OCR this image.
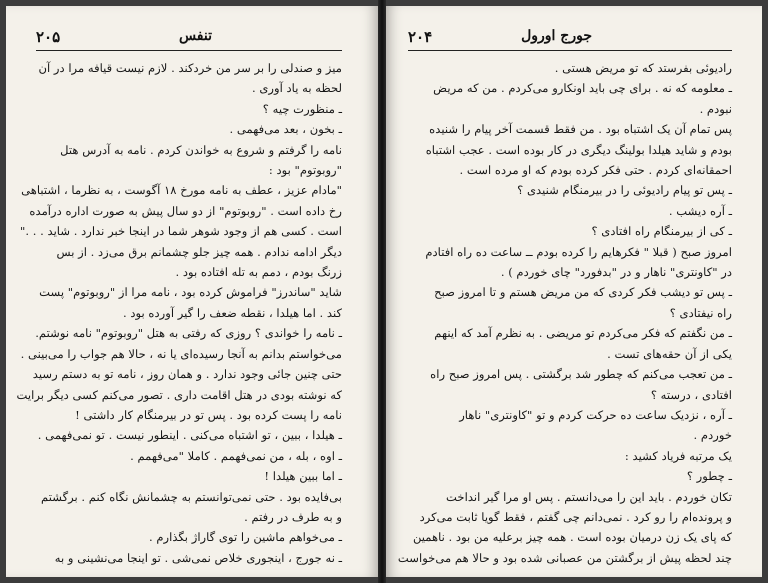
۲۰۵	تنفس
میز و صندلی را بر سر من خردکند . لازم نیست قیافه مرا در آن
لحظه به یاد آوری .
ـ منظورت چیه ؟
ـ بخون ، بعد می‌فهمی .
نامه را گرفتم و شروع به خواندن کردم . نامه به آدرس هتل
"روبوتوم" بود :
"مادام عزیز ، عطف به نامه مورخ ۱۸ آگوست ، به نظرما ، اشتباهی
رخ داده است . "روبوتوم" از دو سال پیش به صورت اداره درآمده
است . کسی هم از وجود شوهر شما در اینجا خبر ندارد . شاید . . ."
دیگر ادامه ندادم . همه چیز جلو چشمانم برق می‌زد . از بس
زرنگ بودم ، دمم به تله افتاده بود .
شاید "ساندرز" فراموش کرده بود ، نامه مرا از "روبوتوم" پست
کند . اما هیلدا ، نقطه ضعف را گیر آورده بود .
ـ نامه را خواندی ؟ روزی که رفتی به هتل "روبوتوم" نامه نوشتم.
می‌خواستم بدانم به آنجا رسیده‌ای یا نه ، حالا هم جواب را می‌بینی .
حتی چنین جائی وجود ندارد . و همان روز ، نامه تو به دستم رسید
که نوشته بودی در هتل اقامت داری . تصور می‌کنم کسی دیگر برایت
نامه را پست کرده بود . پس تو در بیرمنگام کار داشتی !
ـ هیلدا ، ببین ، تو اشتباه می‌کنی . اینطور نیست . تو نمی‌فهمی .
ـ اوه ، بله ، من نمی‌فهمم . کاملا "می‌فهمم .
ـ اما ببین هیلدا !
بی‌فایده بود . حتی نمی‌توانستم به چشمانش نگاه کنم . برگشتم
و به طرف در رفتم .
ـ می‌خواهم ماشین را توی گاراژ بگذارم .
ـ نه جورج ، اینجوری خلاص نمی‌شی . تو اینجا می‌نشینی و به
۲۰۴	جورج اورول
رادیوئی بفرستد که تو مریض هستی .
ـ معلومه که نه . برای چی باید اونکارو می‌کردم . من که مریض
نبودم .
پس تمام آن یک اشتباه بود . من فقط قسمت آخر پیام را شنیده
بودم و شاید هیلدا بولینگ دیگری در کار بوده است . عجب اشتباه
احمقانه‌ای کردم . حتی فکر کرده بودم که او مرده است .
ـ پس تو پیام رادیوئی را در بیرمنگام شنیدی ؟
ـ آره دیشب .
ـ کی از بیرمنگام راه افتادی ؟
امروز صبح ( قبلا " فکرهایم را کرده بودم ــ ساعت ده راه افتادم
در "کاونتری" ناهار و در "بدفورد" چای خوردم ) .
ـ پس تو دیشب فکر کردی که من مریض هستم و تا امروز صبح
راه نیفتادی ؟
ـ من نگفتم که فکر می‌کردم تو مریضی . به نظرم آمد که اینهم
یکی از آن حقه‌های تست .
ـ من تعجب می‌کنم که چطور شد برگشتی . پس امروز صبح راه
افتادی ، درسته ؟
ـ آره ، نزدیک ساعت ده حرکت کردم و تو "کاونتری" ناهار
خوردم .
یک مرتبه فریاد کشید :
ـ چطور ؟
تکان خوردم . باید این را می‌دانستم . پس او مرا گیر انداخت
و پرونده‌ام را رو کرد . نمی‌دانم چی گفتم ، فقط گویا ثابت می‌کرد
که پای یک زن درمیان بوده است . همه چیز برعلیه من بود . ناهمین
چند لحظه پیش از برگشتن من عصبانی شده بود و حالا هم می‌خواست
